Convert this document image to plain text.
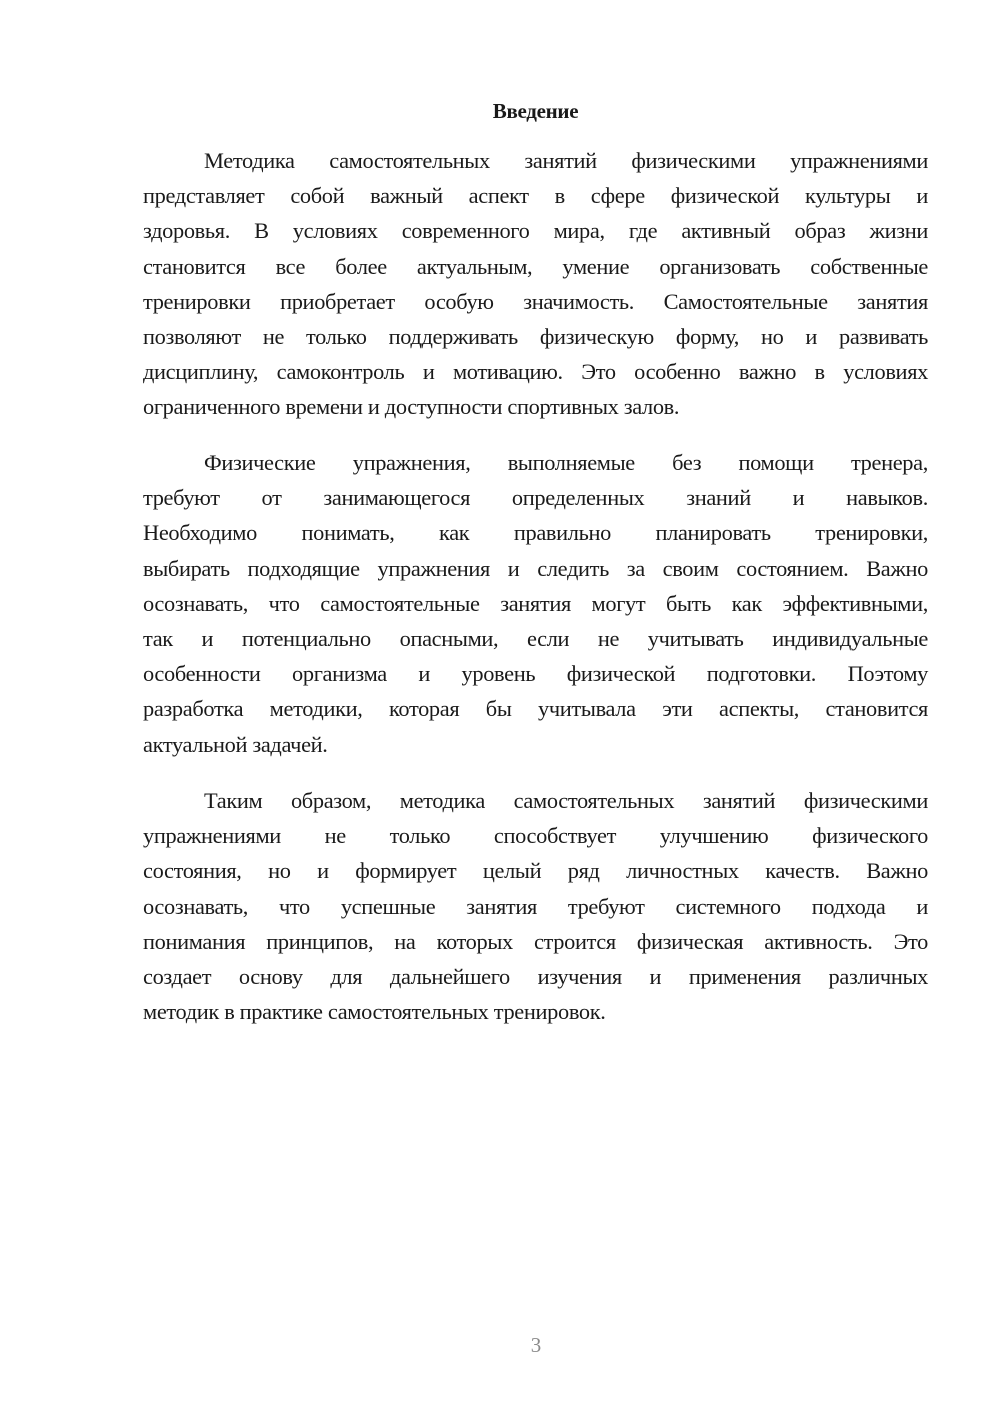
Введение
Методика самостоятельных занятий физическими упражнениями
представляет собой важный аспект в сфере физической культуры и
здоровья. В условиях современного мира, где активный образ жизни
становится все более актуальным, умение организовать собственные
тренировки приобретает особую значимость. Самостоятельные занятия
позволяют не только поддерживать физическую форму, но и развивать
дисциплину, самоконтроль и мотивацию. Это особенно важно в условиях
ограниченного времени и доступности спортивных залов.
Физические упражнения, выполняемые без помощи тренера,
требуют от занимающегося определенных знаний и навыков.
Необходимо понимать, как правильно планировать тренировки,
выбирать подходящие упражнения и следить за своим состоянием. Важно
осознавать, что самостоятельные занятия могут быть как эффективными,
так и потенциально опасными, если не учитывать индивидуальные
особенности организма и уровень физической подготовки. Поэтому
разработка методики, которая бы учитывала эти аспекты, становится
актуальной задачей.
Таким образом, методика самостоятельных занятий физическими
упражнениями не только способствует улучшению физического
состояния, но и формирует целый ряд личностных качеств. Важно
осознавать, что успешные занятия требуют системного подхода и
понимания принципов, на которых строится физическая активность. Это
создает основу для дальнейшего изучения и применения различных
методик в практике самостоятельных тренировок.
3
